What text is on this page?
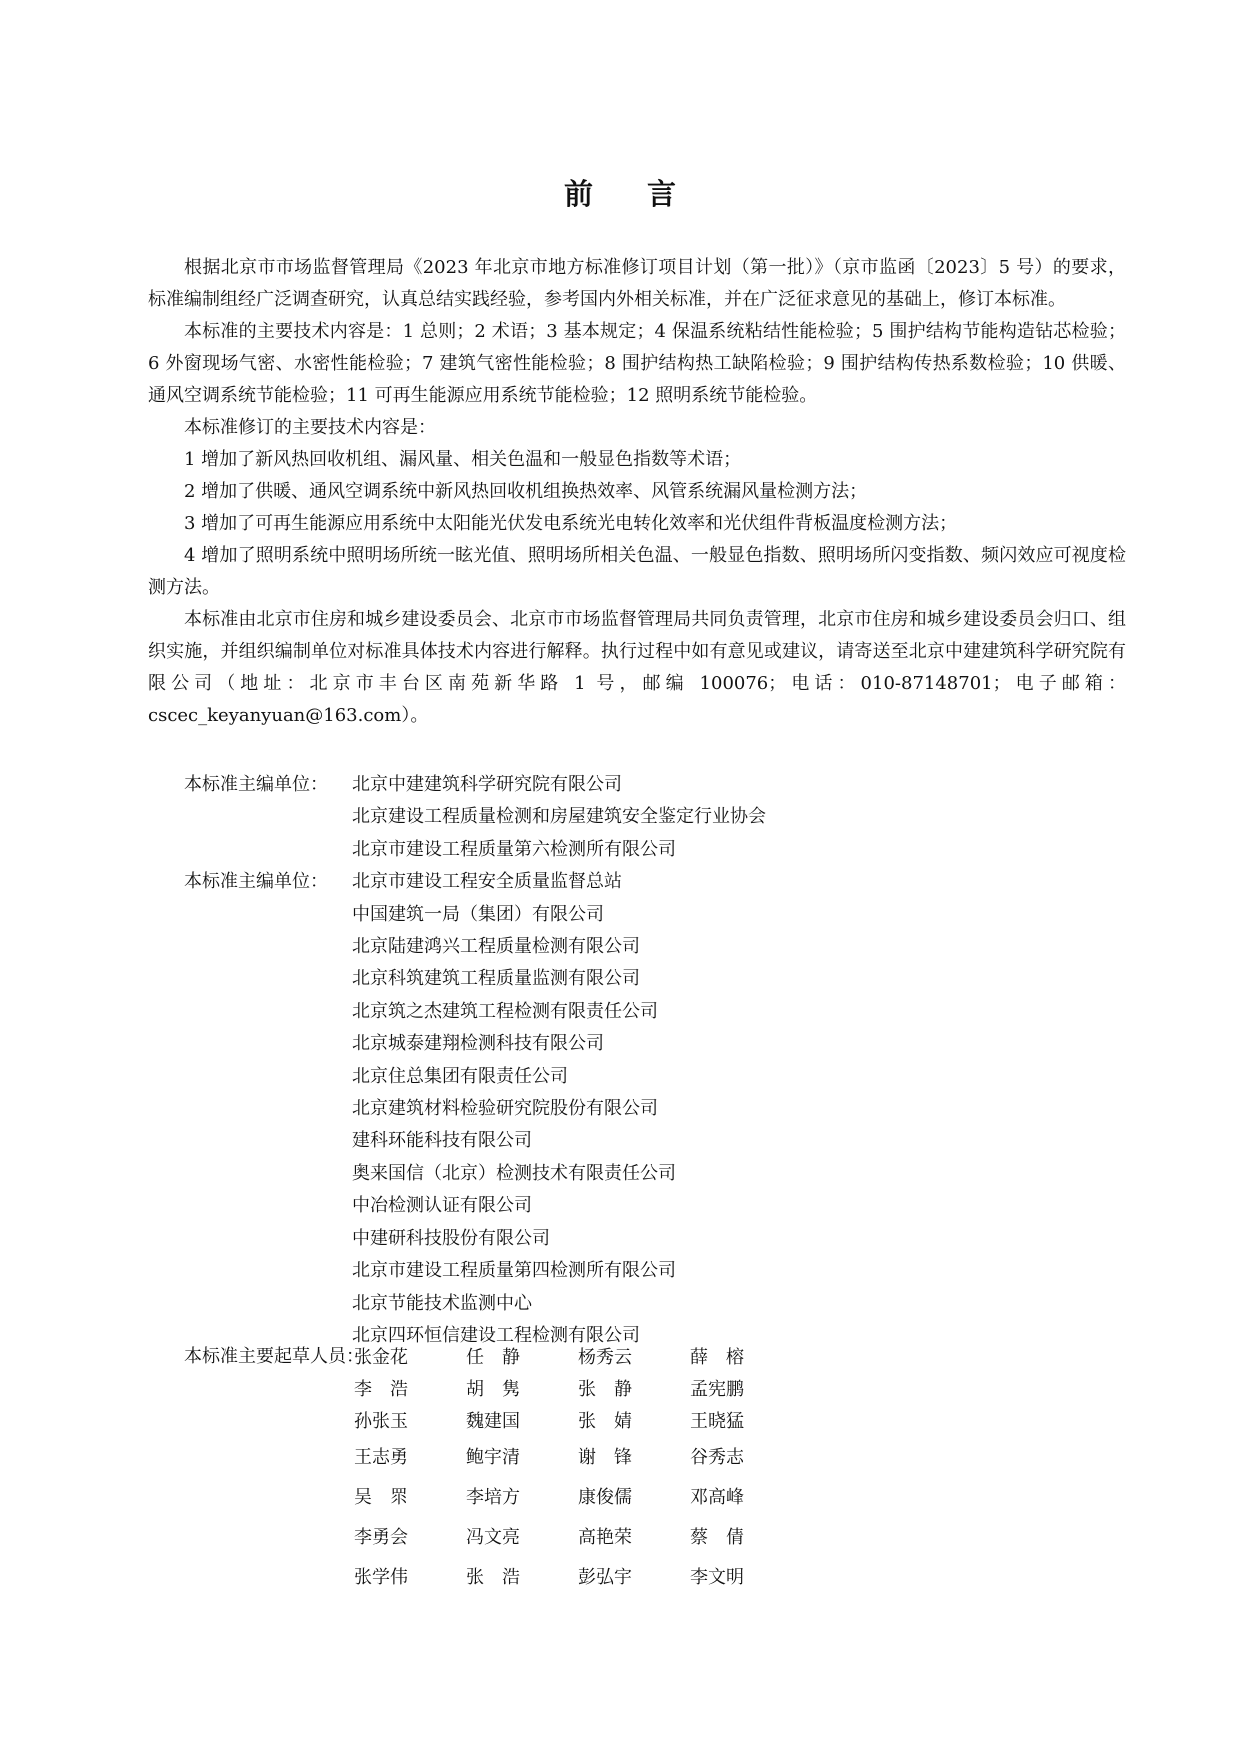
前 言

根据北京市市场监督管理局《2023 年北京市地方标准修订项目计划（第一批）》（京市监函〔2023〕5 号）的要求，标准编制组经广泛调查研究，认真总结实践经验，参考国内外相关标准，并在广泛征求意见的基础上，修订本标准。

本标准的主要技术内容是：1 总则；2 术语；3 基本规定；4 保温系统粘结性能检验；5 围护结构节能构造钻芯检验；6 外窗现场气密、水密性能检验；7 建筑气密性能检验；8 围护结构热工缺陷检验；9 围护结构传热系数检验；10 供暖、通风空调系统节能检验；11 可再生能源应用系统节能检验；12 照明系统节能检验。

本标准修订的主要技术内容是：

1 增加了新风热回收机组、漏风量、相关色温和一般显色指数等术语；

2 增加了供暖、通风空调系统中新风热回收机组换热效率、风管系统漏风量检测方法；

3 增加了可再生能源应用系统中太阳能光伏发电系统光电转化效率和光伏组件背板温度检测方法；

4 增加了照明系统中照明场所统一眩光值、照明场所相关色温、一般显色指数、照明场所闪变指数、频闪效应可视度检测方法。

本标准由北京市住房和城乡建设委员会、北京市市场监督管理局共同负责管理，北京市住房和城乡建设委员会归口、组织实施，并组织编制单位对标准具体技术内容进行解释。执行过程中如有意见或建议，请寄送至北京中建建筑科学研究院有限公司（地址：北京市丰台区南苑新华路 1 号，邮编 100076；电话：010-87148701；电子邮箱：cscec_keyanyuan@163.com）。

本标准主编单位：	北京中建建筑科学研究院有限公司
北京建设工程质量检测和房屋建筑安全鉴定行业协会
北京市建设工程质量第六检测所有限公司
本标准主编单位：	北京市建设工程安全质量监督总站
中国建筑一局（集团）有限公司
北京陆建鸿兴工程质量检测有限公司
北京科筑建筑工程质量监测有限公司
北京筑之杰建筑工程检测有限责任公司
北京城泰建翔检测科技有限公司
北京住总集团有限责任公司
北京建筑材料检验研究院股份有限公司
建科环能科技有限公司
奥来国信（北京）检测技术有限责任公司
中冶检测认证有限公司
中建研科技股份有限公司
北京市建设工程质量第四检测所有限公司
北京节能技术监测中心
北京四环恒信建设工程检测有限公司
本标准主要起草人员：
张金花	任　静	杨秀云	薛　榕
李　浩	胡　隽	张　静	孟宪鹏
孙张玉	魏建国	张　婧	王晓猛
王志勇	鲍宇清	谢　锋	谷秀志
吴　眔	李培方	康俊儒	邓高峰
李勇会	冯文亮	高艳荣	蔡　倩
张学伟	张　浩	彭弘宇	李文明
